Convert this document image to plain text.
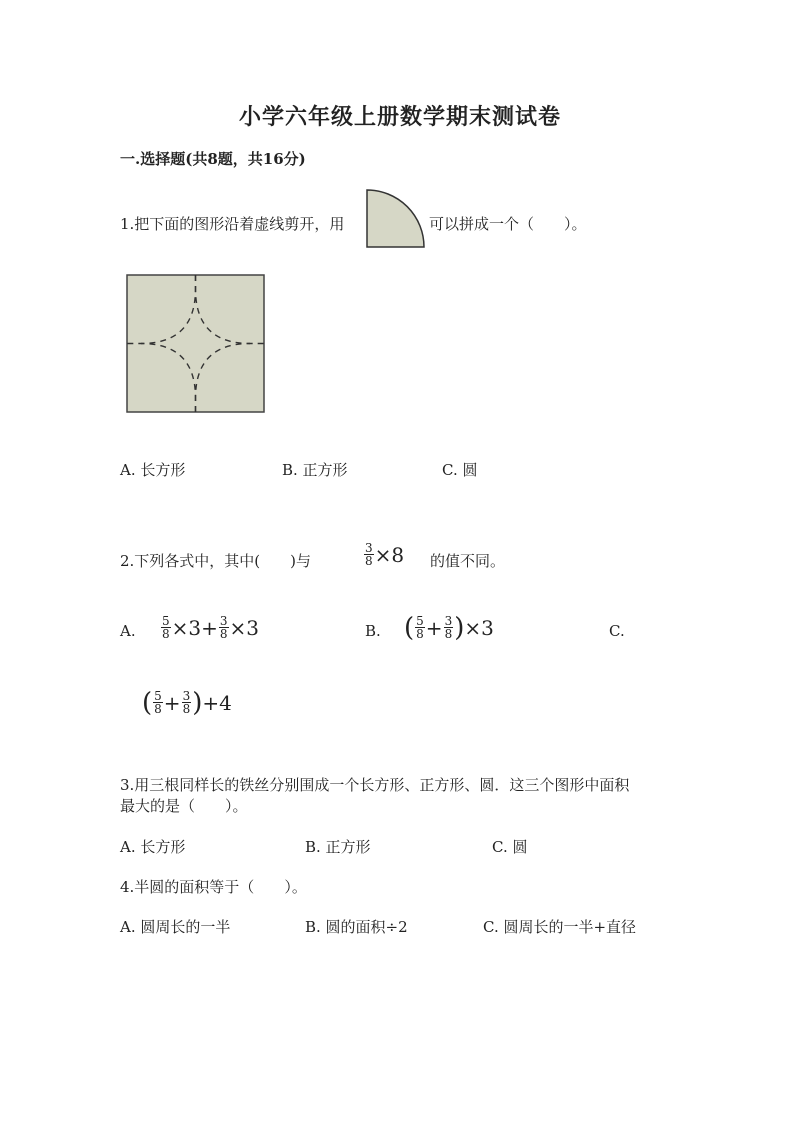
小学六年级上册数学期末测试卷
一.选择题(共8题，共16分)
1.把下面的图形沿着虚线剪开，用	可以拼成一个（　　）。
A. 长方形	B. 正方形	C. 圆
2.下列各式中，其中(　　)与	$\frac{3}{8} \times 8$ 的值不同。
A. $\frac{5}{8} \times 3+ \frac{3}{8} \times 3$	B. ( $\frac{5}{8} + \frac{3}{8}$ ) ×3	C.
( $\frac{5}{8} + \frac{3}{8}$ ) +4
3.用三根同样长的铁丝分别围成一个长方形、正方形、圆．这三个图形中面积
最大的是（　　）。
A. 长方形	B. 正方形	C. 圆
4.半圆的面积等于（　　）。
A. 圆周长的一半	B. 圆的面积÷2	C. 圆周长的一半+直径
